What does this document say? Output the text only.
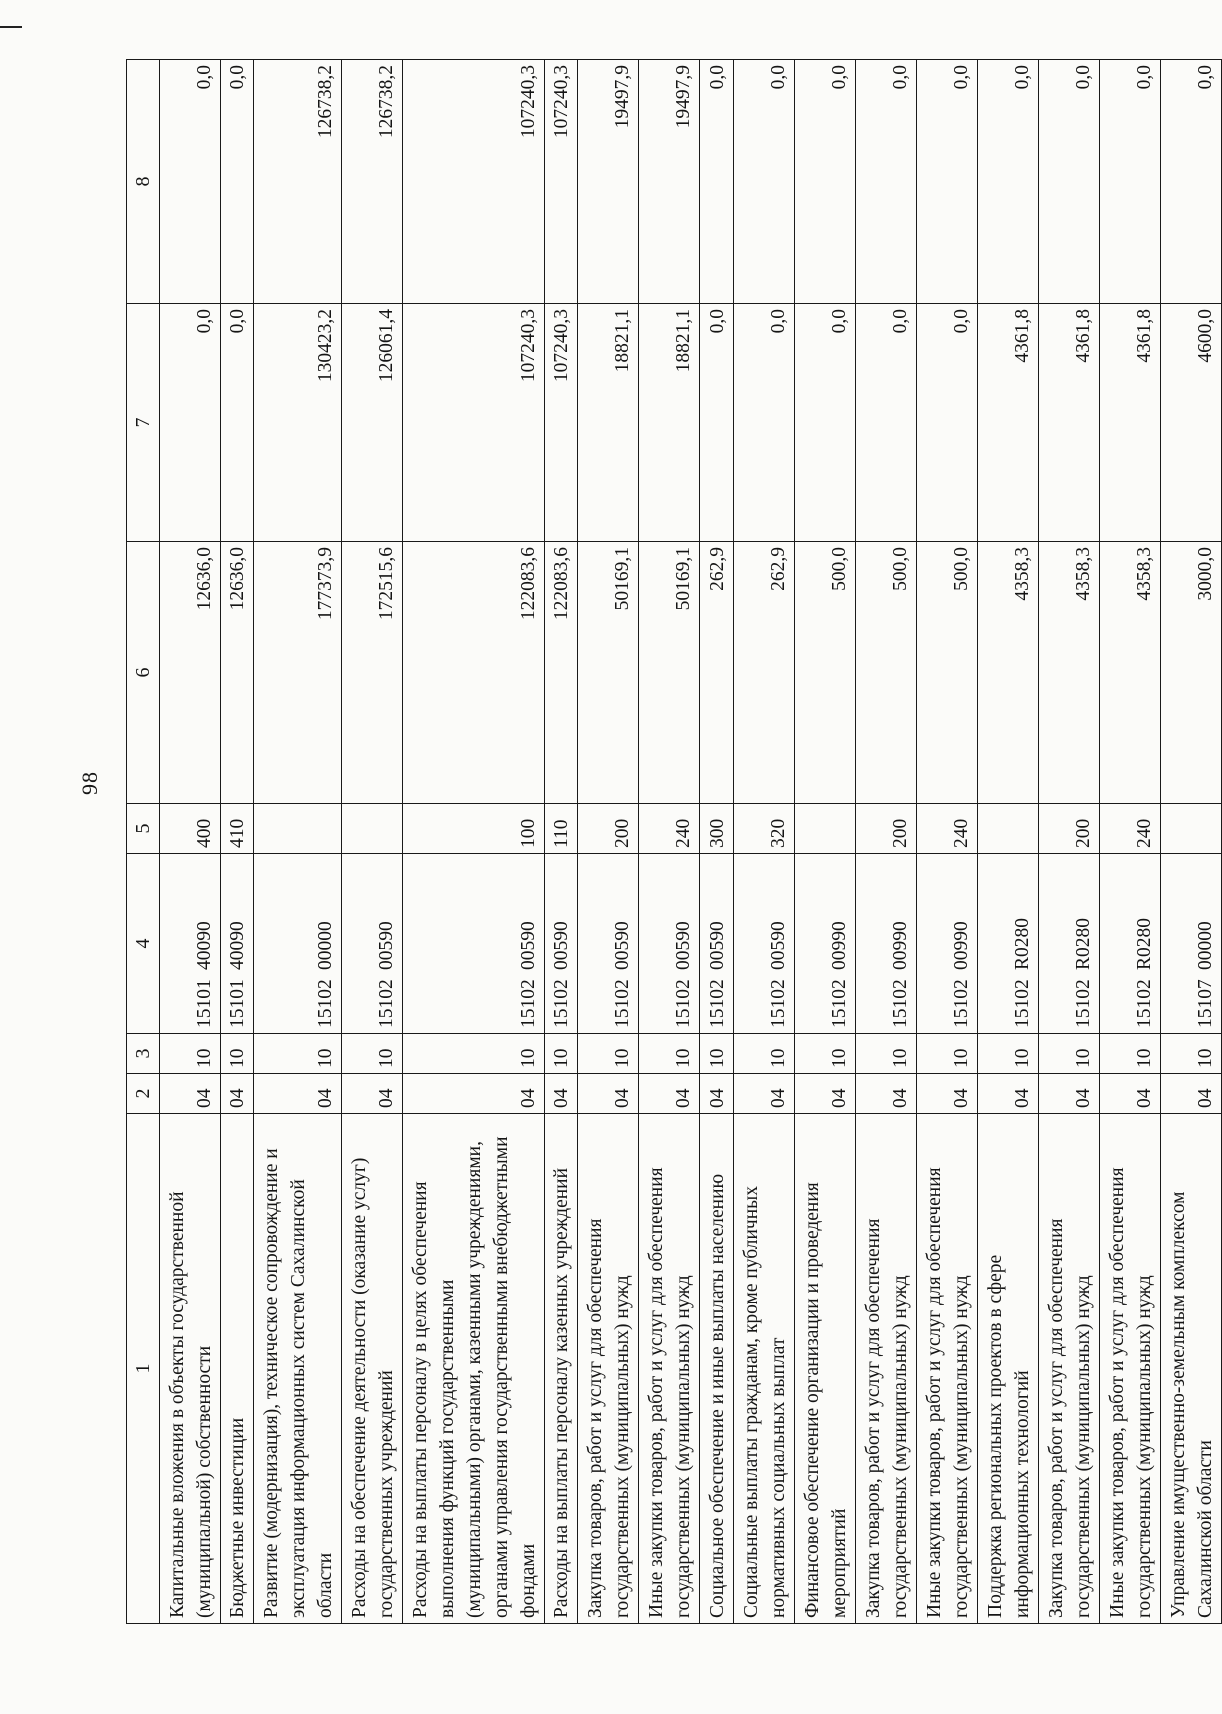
98
1	2	3	4	5	6	7	8
Капитальные вложения в объекты государственной (муниципальной) собственности	04	10	1510140090	400	12636,0	0,0	0,0
Бюджетные инвестиции	04	10	1510140090	410	12636,0	0,0	0,0
Развитие (модернизация), техническое сопровождение и эксплуатация информационных систем Сахалинской области	04	10	1510200000		177373,9	130423,2	126738,2
Расходы на обеспечение деятельности (оказание услуг) государственных учреждений	04	10	1510200590		172515,6	126061,4	126738,2
Расходы на выплаты персоналу в целях обеспечения выполнения функций государственными (муниципальными) органами, казенными учреждениями, органами управления государственными внебюджетными фондами	04	10	1510200590	100	122083,6	107240,3	107240,3
Расходы на выплаты персоналу казенных учреждений	04	10	1510200590	110	122083,6	107240,3	107240,3
Закупка товаров, работ и услуг для обеспечения государственных (муниципальных) нужд	04	10	1510200590	200	50169,1	18821,1	19497,9
Иные закупки товаров, работ и услуг для обеспечения государственных (муниципальных) нужд	04	10	1510200590	240	50169,1	18821,1	19497,9
Социальное обеспечение и иные выплаты населению	04	10	1510200590	300	262,9	0,0	0,0
Социальные выплаты гражданам, кроме публичных нормативных социальных выплат	04	10	1510200590	320	262,9	0,0	0,0
Финансовое обеспечение организации и проведения мероприятий	04	10	1510200990		500,0	0,0	0,0
Закупка товаров, работ и услуг для обеспечения государственных (муниципальных) нужд	04	10	1510200990	200	500,0	0,0	0,0
Иные закупки товаров, работ и услуг для обеспечения государственных (муниципальных) нужд	04	10	1510200990	240	500,0	0,0	0,0
Поддержка региональных проектов в сфере информационных технологий	04	10	15102R0280		4358,3	4361,8	0,0
Закупка товаров, работ и услуг для обеспечения государственных (муниципальных) нужд	04	10	15102R0280	200	4358,3	4361,8	0,0
Иные закупки товаров, работ и услуг для обеспечения государственных (муниципальных) нужд	04	10	15102R0280	240	4358,3	4361,8	0,0
Управление имущественно-земельным комплексом Сахалинской области	04	10	1510700000		3000,0	4600,0	0,0
